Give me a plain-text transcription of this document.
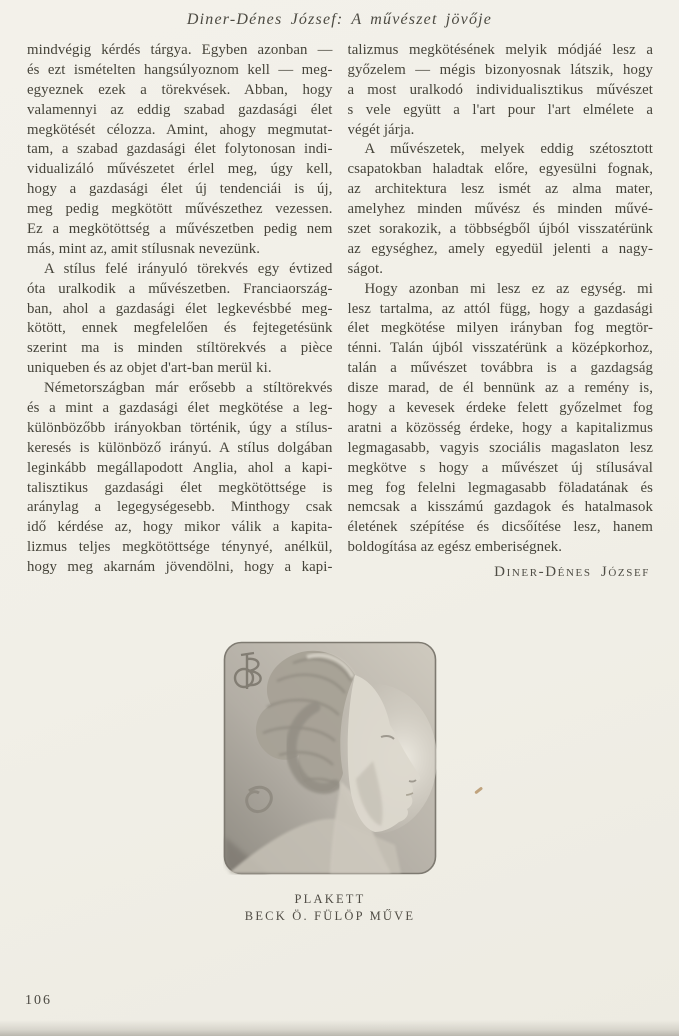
Diner-Dénes József: A művészet jövője
mindvégig kérdés tárgya. Egyben azonban —
és ezt ismételten hangsúlyoznom kell — meg-
egyeznek ezek a törekvések. Abban, hogy
valamennyi az eddig szabad gazdasági élet
megkötését célozza. Amint, ahogy megmutat-
tam, a szabad gazdasági élet folytonosan indi-
vidualizáló művészetet érlel meg, úgy kell,
hogy a gazdasági élet új tendenciái is új,
meg pedig megkötött művészethez vezessen.
Ez a megkötöttség a művészetben pedig nem
más, mint az, amit stílusnak nevezünk.
A stílus felé irányuló törekvés egy évtized
óta uralkodik a művészetben. Franciaország-
ban, ahol a gazdasági élet legkevésbbé meg-
kötött, ennek megfelelően és fejtegetésünk
szerint ma is minden stíltörekvés a pièce
uniqueben és az objet d'art-ban merül ki.
Németországban már erősebb a stíltörekvés
és a mint a gazdasági élet megkötése a leg-
különbözőbb irányokban történik, úgy a stílus-
keresés is különböző irányú. A stílus dolgában
leginkább megállapodott Anglia, ahol a kapi-
talisztikus gazdasági élet megkötöttsége is
aránylag a legegységesebb. Minthogy csak
idő kérdése az, hogy mikor válik a kapita-
lizmus teljes megkötöttsége ténynyé, anélkül,
hogy meg akarnám jövendölni, hogy a kapi-
talizmus megkötésének melyik módjáé lesz a
győzelem — mégis bizonyosnak látszik, hogy
a most uralkodó individualisztikus művészet
s vele együtt a l'art pour l'art elmélete a
végét járja.
A művészetek, melyek eddig szétosztott
csapatokban haladtak előre, egyesülni fognak,
az architektura lesz ismét az alma mater,
amelyhez minden művész és minden művé-
szet sorakozik, a többségből újból visszatérünk
az egységhez, amely egyedül jelenti a nagy-
ságot.
Hogy azonban mi lesz ez az egység. mi
lesz tartalma, az attól függ, hogy a gazdasági
élet megkötése milyen irányban fog megtör-
ténni. Talán újból visszatérünk a középkorhoz,
talán a művészet továbbra is a gazdagság
disze marad, de él bennünk az a remény is,
hogy a kevesek érdeke felett győzelmet fog
aratni a közösség érdeke, hogy a kapitalizmus
legmagasabb, vagyis szociális magaslaton lesz
megkötve s hogy a művészet új stílusával
meg fog felelni legmagasabb föladatának és
nemcsak a kisszámú gazdagok és hatalmasok
életének szépítése és dicsőítése lesz, hanem
boldogítása az egész emberiségnek.
Diner-Dénes József
PLAKETT
BECK Ö. FÜLÖP MŰVE
106
